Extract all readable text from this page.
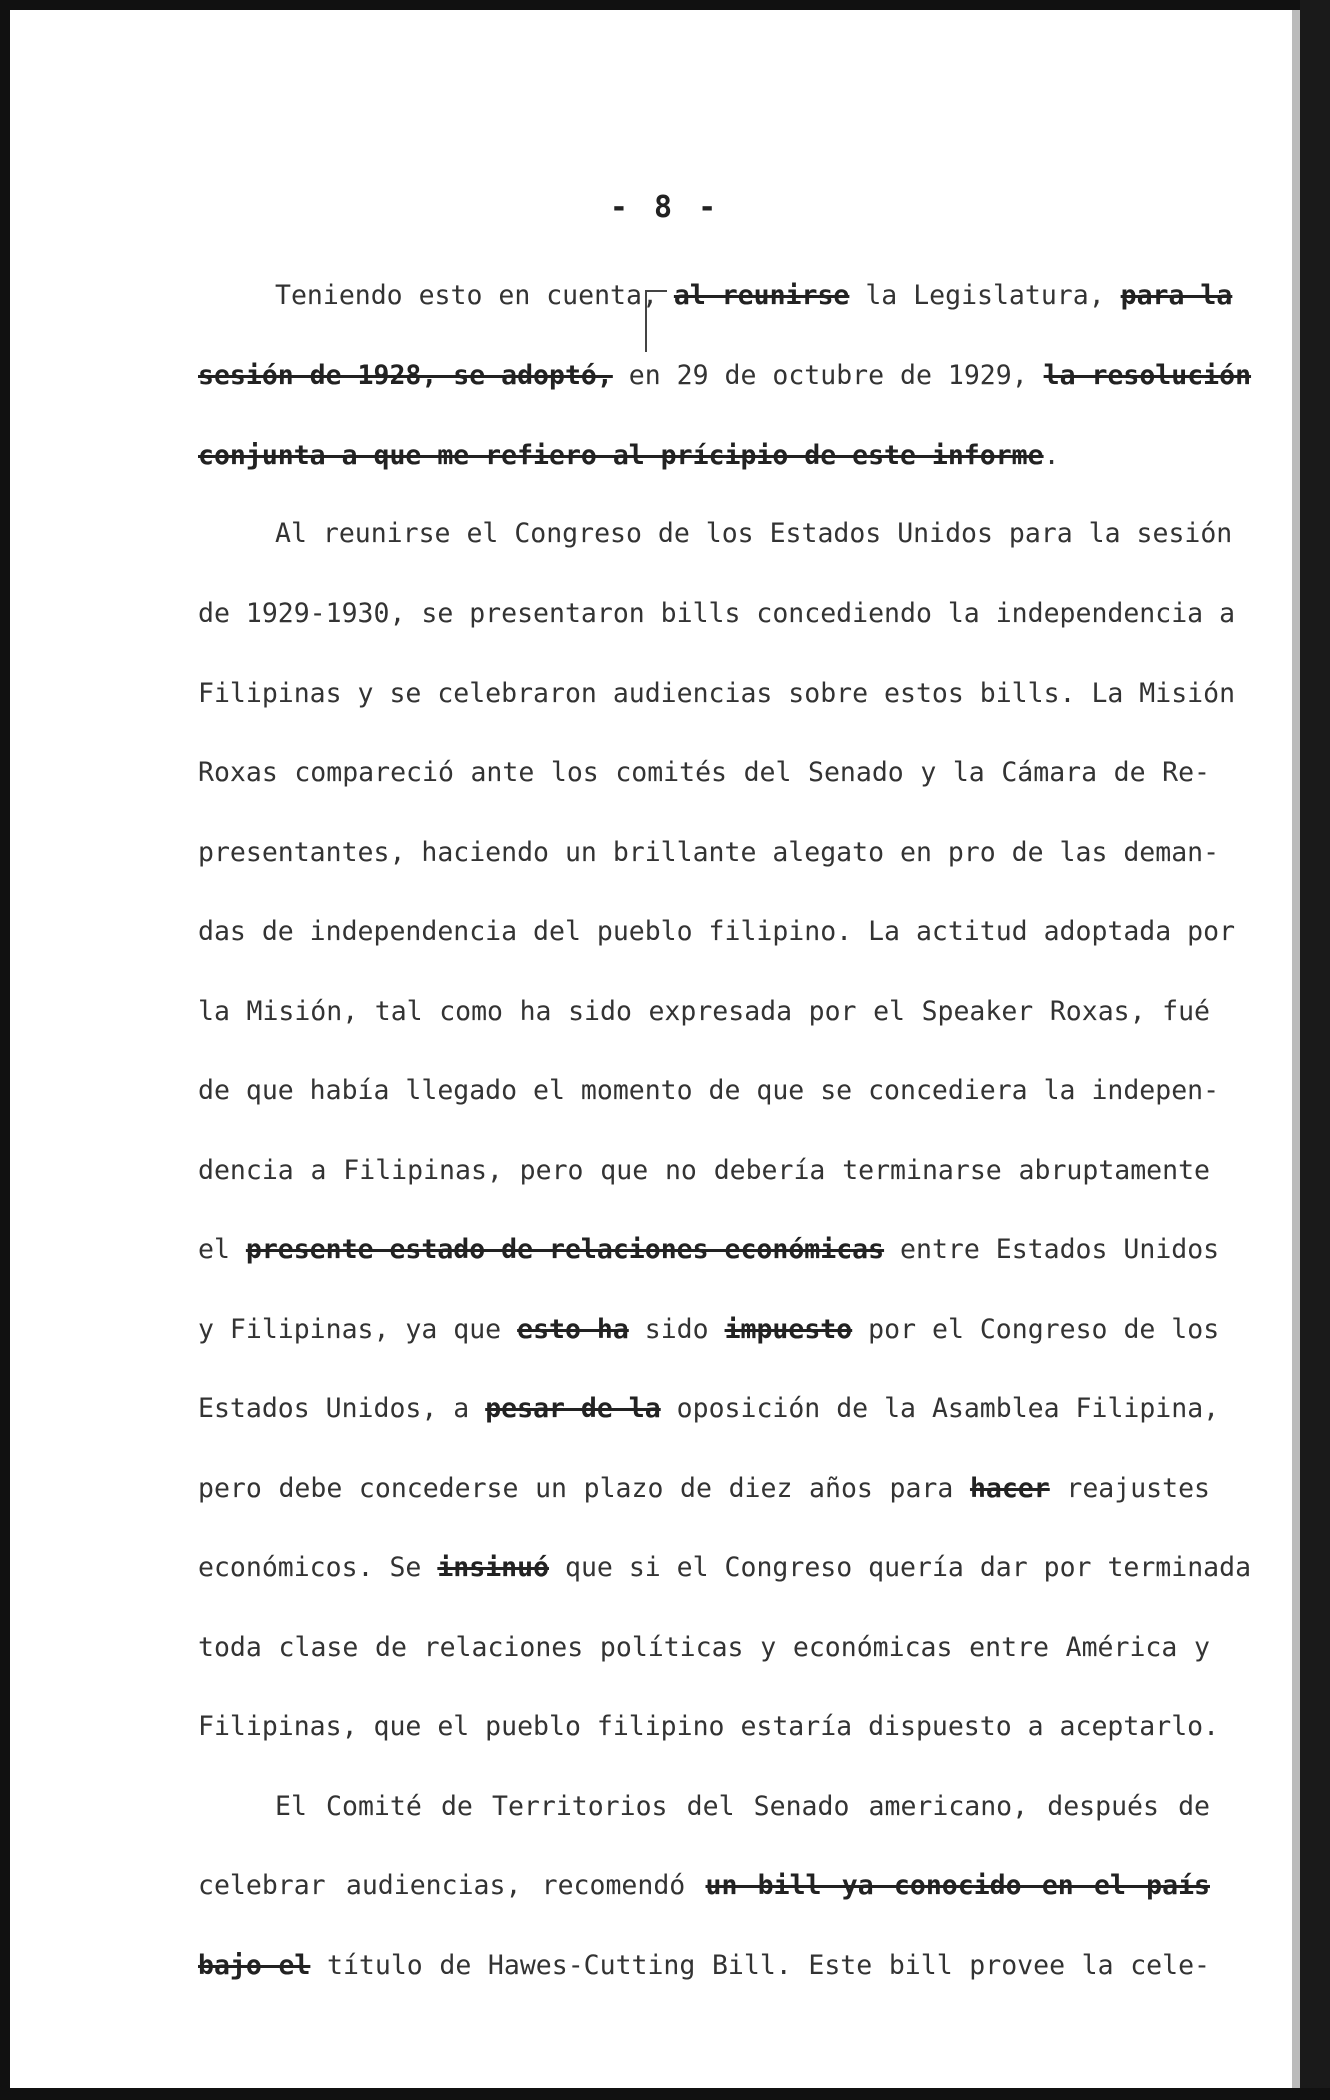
- 8 -
Teniendo esto en cuenta, al reunirse la Legislatura, para la
sesión de 1928, se adoptó, en 29 de octubre de 1929, la resolución
conjunta a que me refiero al prícipio de este informe.
Al reunirse el Congreso de los Estados Unidos para la sesión
de 1929-1930, se presentaron bills concediendo la independencia a
Filipinas y se celebraron audiencias sobre estos bills. La Misión
Roxas compareció ante los comités del Senado y la Cámara de Re-
presentantes, haciendo un brillante alegato en pro de las deman-
das de independencia del pueblo filipino. La actitud adoptada por
la Misión, tal como ha sido expresada por el Speaker Roxas, fué
de que había llegado el momento de que se concediera la indepen-
dencia a Filipinas, pero que no debería terminarse abruptamente
el presente estado de relaciones económicas entre Estados Unidos
y Filipinas, ya que esto ha sido impuesto por el Congreso de los
Estados Unidos, a pesar de la oposición de la Asamblea Filipina,
pero debe concederse un plazo de diez años para hacer reajustes
económicos. Se insinuó que si el Congreso quería dar por terminada
toda clase de relaciones políticas y económicas entre América y
Filipinas, que el pueblo filipino estaría dispuesto a aceptarlo.
El Comité de Territorios del Senado americano, después de
celebrar audiencias, recomendó un bill ya conocido en el país
bajo el título de Hawes-Cutting Bill. Este bill provee la cele-
